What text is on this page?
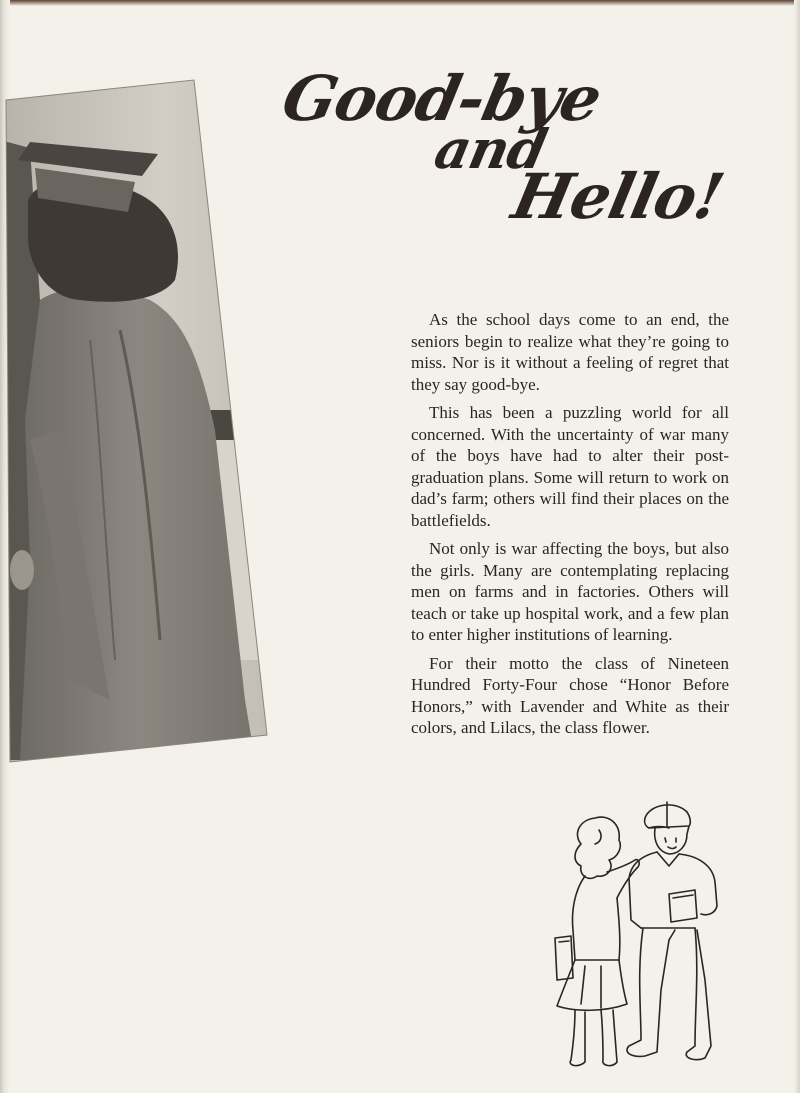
Good-bye
and
Hello!

As the school days come to an end, the seniors begin to realize what they’re going to miss. Nor is it without a feeling of regret that they say good-bye.

This has been a puzzling world for all concerned. With the uncertainty of war many of the boys have had to alter their post-graduation plans. Some will return to work on dad’s farm; others will find their places on the battlefields.

Not only is war affecting the boys, but also the girls. Many are contemplating replacing men on farms and in factories. Others will teach or take up hospital work, and a few plan to enter higher institutions of learning.

For their motto the class of Nineteen Hundred Forty-Four chose “Honor Before Honors,” with Lavender and White as their colors, and Lilacs, the class flower.
